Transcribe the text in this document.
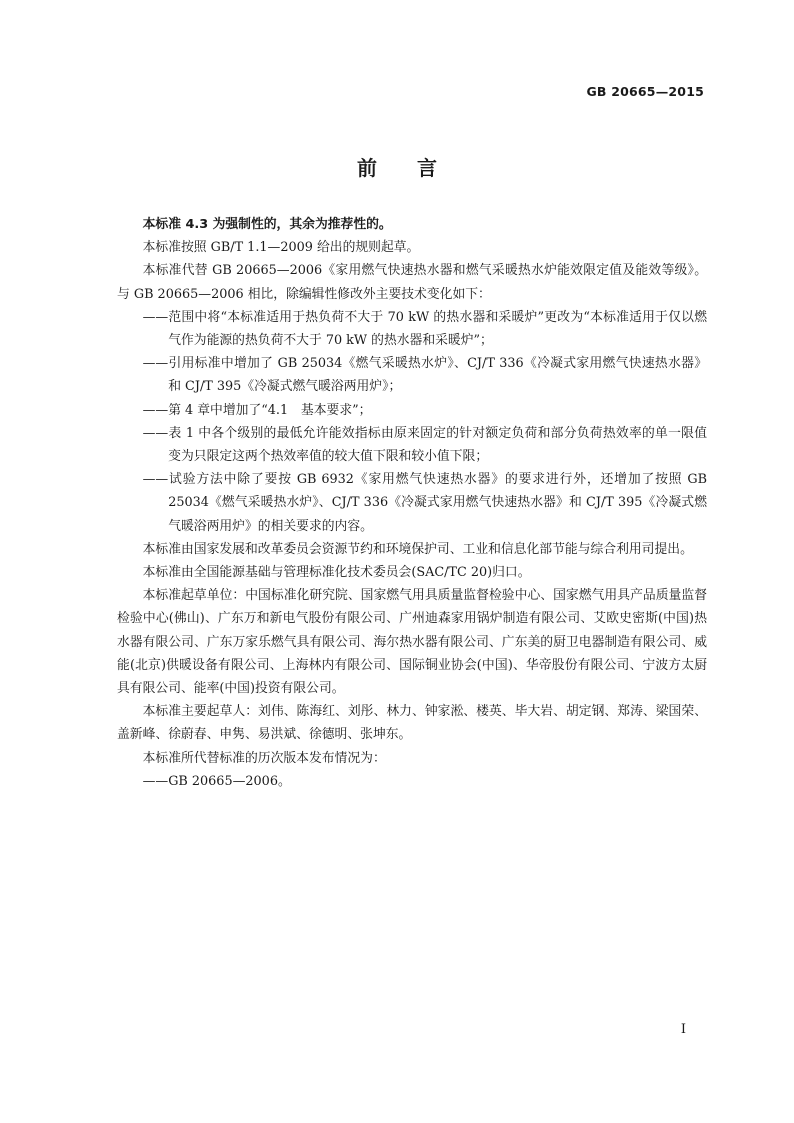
GB 20665—2015
前　　言

本标准 4.3 为强制性的，其余为推荐性的。

本标准按照 GB/T 1.1—2009 给出的规则起草。

本标准代替 GB 20665—2006《家用燃气快速热水器和燃气采暖热水炉能效限定值及能效等级》。与 GB 20665—2006 相比，除编辑性修改外主要技术变化如下：

——范围中将“本标准适用于热负荷不大于 70 kW 的热水器和采暖炉”更改为“本标准适用于仅以燃气作为能源的热负荷不大于 70 kW 的热水器和采暖炉”；

——引用标准中增加了 GB 25034《燃气采暖热水炉》、CJ/T 336《冷凝式家用燃气快速热水器》和 CJ/T 395《冷凝式燃气暖浴两用炉》；

——第 4 章中增加了“4.1　基本要求”；

——表 1 中各个级别的最低允许能效指标由原来固定的针对额定负荷和部分负荷热效率的单一限值变为只限定这两个热效率值的较大值下限和较小值下限；

——试验方法中除了要按 GB 6932《家用燃气快速热水器》的要求进行外，还增加了按照 GB 25034《燃气采暖热水炉》、CJ/T 336《冷凝式家用燃气快速热水器》和 CJ/T 395《冷凝式燃气暖浴两用炉》的相关要求的内容。

本标准由国家发展和改革委员会资源节约和环境保护司、工业和信息化部节能与综合利用司提出。

本标准由全国能源基础与管理标准化技术委员会(SAC/TC 20)归口。

本标准起草单位：中国标准化研究院、国家燃气用具质量监督检验中心、国家燃气用具产品质量监督检验中心(佛山)、广东万和新电气股份有限公司、广州迪森家用锅炉制造有限公司、艾欧史密斯(中国)热水器有限公司、广东万家乐燃气具有限公司、海尔热水器有限公司、广东美的厨卫电器制造有限公司、威能(北京)供暖设备有限公司、上海林内有限公司、国际铜业协会(中国)、华帝股份有限公司、宁波方太厨具有限公司、能率(中国)投资有限公司。

本标准主要起草人：刘伟、陈海红、刘彤、林力、钟家淞、楼英、毕大岩、胡定钢、郑涛、梁国荣、盖新峰、徐蔚春、申隽、易洪斌、徐德明、张坤东。

本标准所代替标准的历次版本发布情况为：

——GB 20665—2006。

I
